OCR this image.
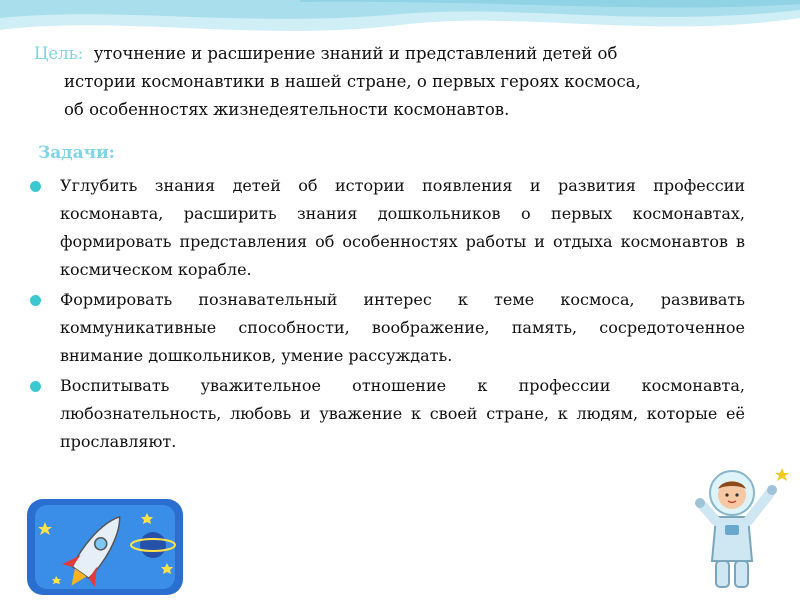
Цель: уточнение и расширение знаний и представлений детей об

истории космонавтики в нашей стране, о первых героях космоса,

об особенностях жизнедеятельности космонавтов.

Задачи:
Углубить знания детей об истории появления и развития профессии космонавта, расширить знания дошкольников о первых космонавтах, формировать представления об особенностях работы и отдыха космонавтов в космическом корабле.
Формировать познавательный интерес к теме космоса, развивать коммуникативные способности, воображение, память, сосредоточенное внимание дошкольников, умение рассуждать.
Воспитывать уважительное отношение к профессии космонавта, любознательность, любовь и уважение к своей стране, к людям, которые её прославляют.
